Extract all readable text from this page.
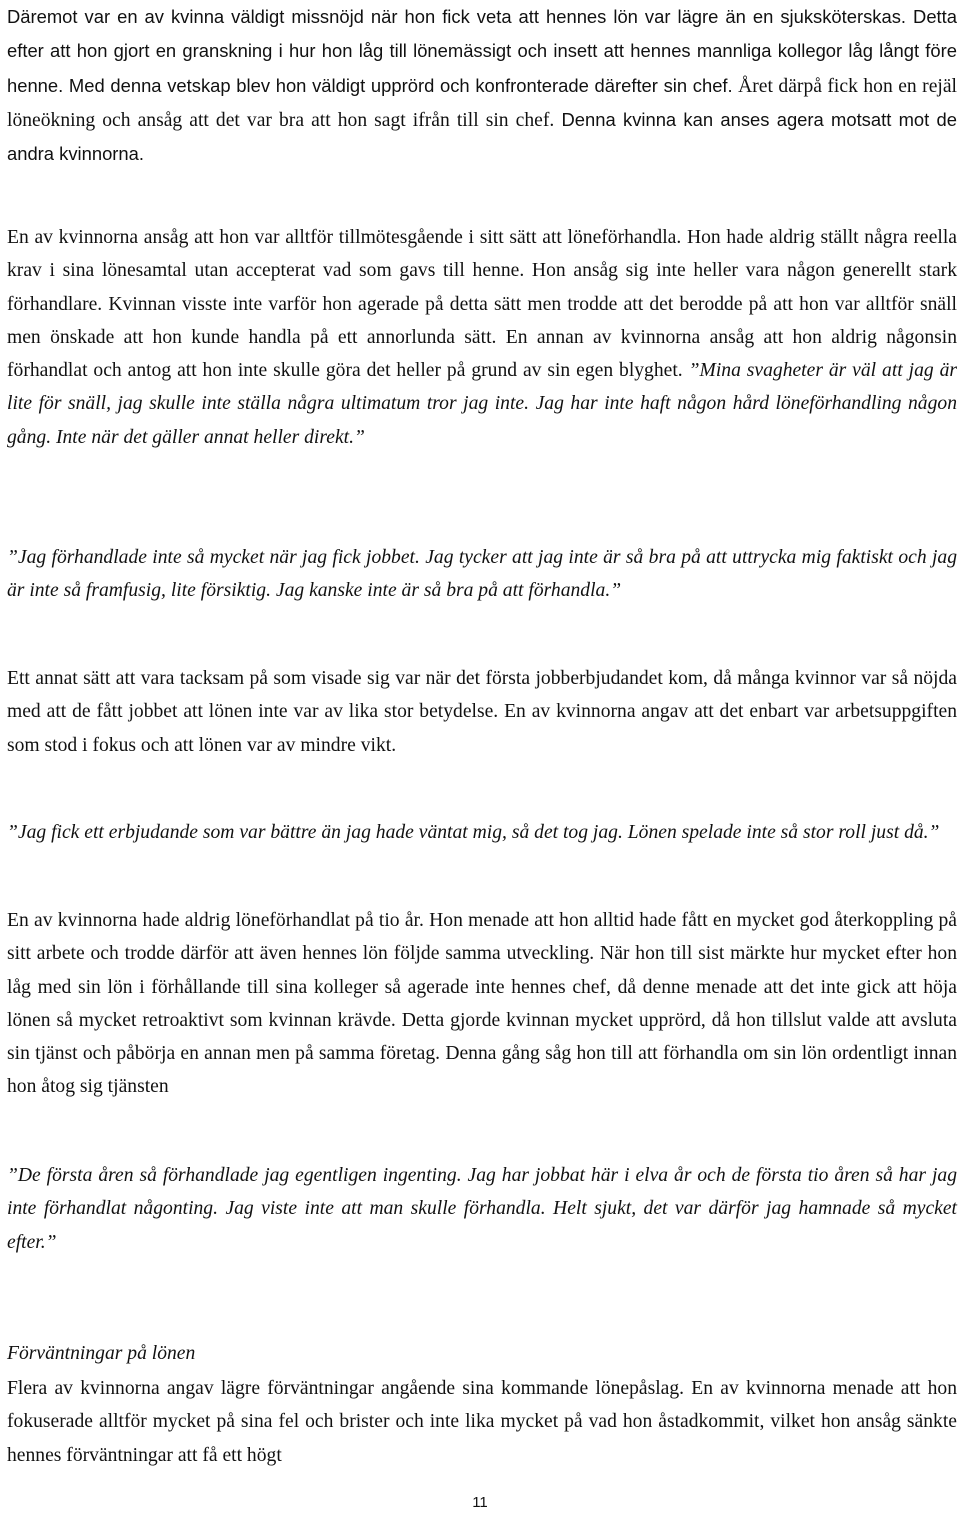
Däremot var en av kvinna väldigt missnöjd när hon fick veta att hennes lön var lägre än en sjuksköterskas. Detta efter att hon gjort en granskning i hur hon låg till lönemässigt och insett att hennes mannliga kollegor låg långt före henne. Med denna vetskap blev hon väldigt upprörd och konfronterade därefter sin chef. Året därpå fick hon en rejäl löneökning och ansåg att det var bra att hon sagt ifrån till sin chef. Denna kvinna kan anses agera motsatt mot de andra kvinnorna.

En av kvinnorna ansåg att hon var alltför tillmötesgående i sitt sätt att löneförhandla. Hon hade aldrig ställt några reella krav i sina lönesamtal utan accepterat vad som gavs till henne. Hon ansåg sig inte heller vara någon generellt stark förhandlare. Kvinnan visste inte varför hon agerade på detta sätt men trodde att det berodde på att hon var alltför snäll men önskade att hon kunde handla på ett annorlunda sätt. En annan av kvinnorna ansåg att hon aldrig någonsin förhandlat och antog att hon inte skulle göra det heller på grund av sin egen blyghet. ”Mina svagheter är väl att jag är lite för snäll, jag skulle inte ställa några ultimatum tror jag inte. Jag har inte haft någon hård löneförhandling någon gång. Inte när det gäller annat heller direkt.”

”Jag förhandlade inte så mycket när jag fick jobbet. Jag tycker att jag inte är så bra på att uttrycka mig faktiskt och jag är inte så framfusig, lite försiktig. Jag kanske inte är så bra på att förhandla.”

Ett annat sätt att vara tacksam på som visade sig var när det första jobberbjudandet kom, då många kvinnor var så nöjda med att de fått jobbet att lönen inte var av lika stor betydelse. En av kvinnorna angav att det enbart var arbetsuppgiften som stod i fokus och att lönen var av mindre vikt.

”Jag fick ett erbjudande som var bättre än jag hade väntat mig, så det tog jag. Lönen spelade inte så stor roll just då.”

En av kvinnorna hade aldrig löneförhandlat på tio år. Hon menade att hon alltid hade fått en mycket god återkoppling på sitt arbete och trodde därför att även hennes lön följde samma utveckling. När hon till sist märkte hur mycket efter hon låg med sin lön i förhållande till sina kolleger så agerade inte hennes chef, då denne menade att det inte gick att höja lönen så mycket retroaktivt som kvinnan krävde. Detta gjorde kvinnan mycket upprörd, då hon tillslut valde att avsluta sin tjänst och påbörja en annan men på samma företag. Denna gång såg hon till att förhandla om sin lön ordentligt innan hon åtog sig tjänsten

”De första åren så förhandlade jag egentligen ingenting. Jag har jobbat här i elva år och de första tio åren så har jag inte förhandlat någonting. Jag viste inte att man skulle förhandla. Helt sjukt, det var därför jag hamnade så mycket efter.”

Förväntningar på lönen

Flera av kvinnorna angav lägre förväntningar angående sina kommande lönepåslag. En av kvinnorna menade att hon fokuserade alltför mycket på sina fel och brister och inte lika mycket på vad hon åstadkommit, vilket hon ansåg sänkte hennes förväntningar att få ett högt

11
